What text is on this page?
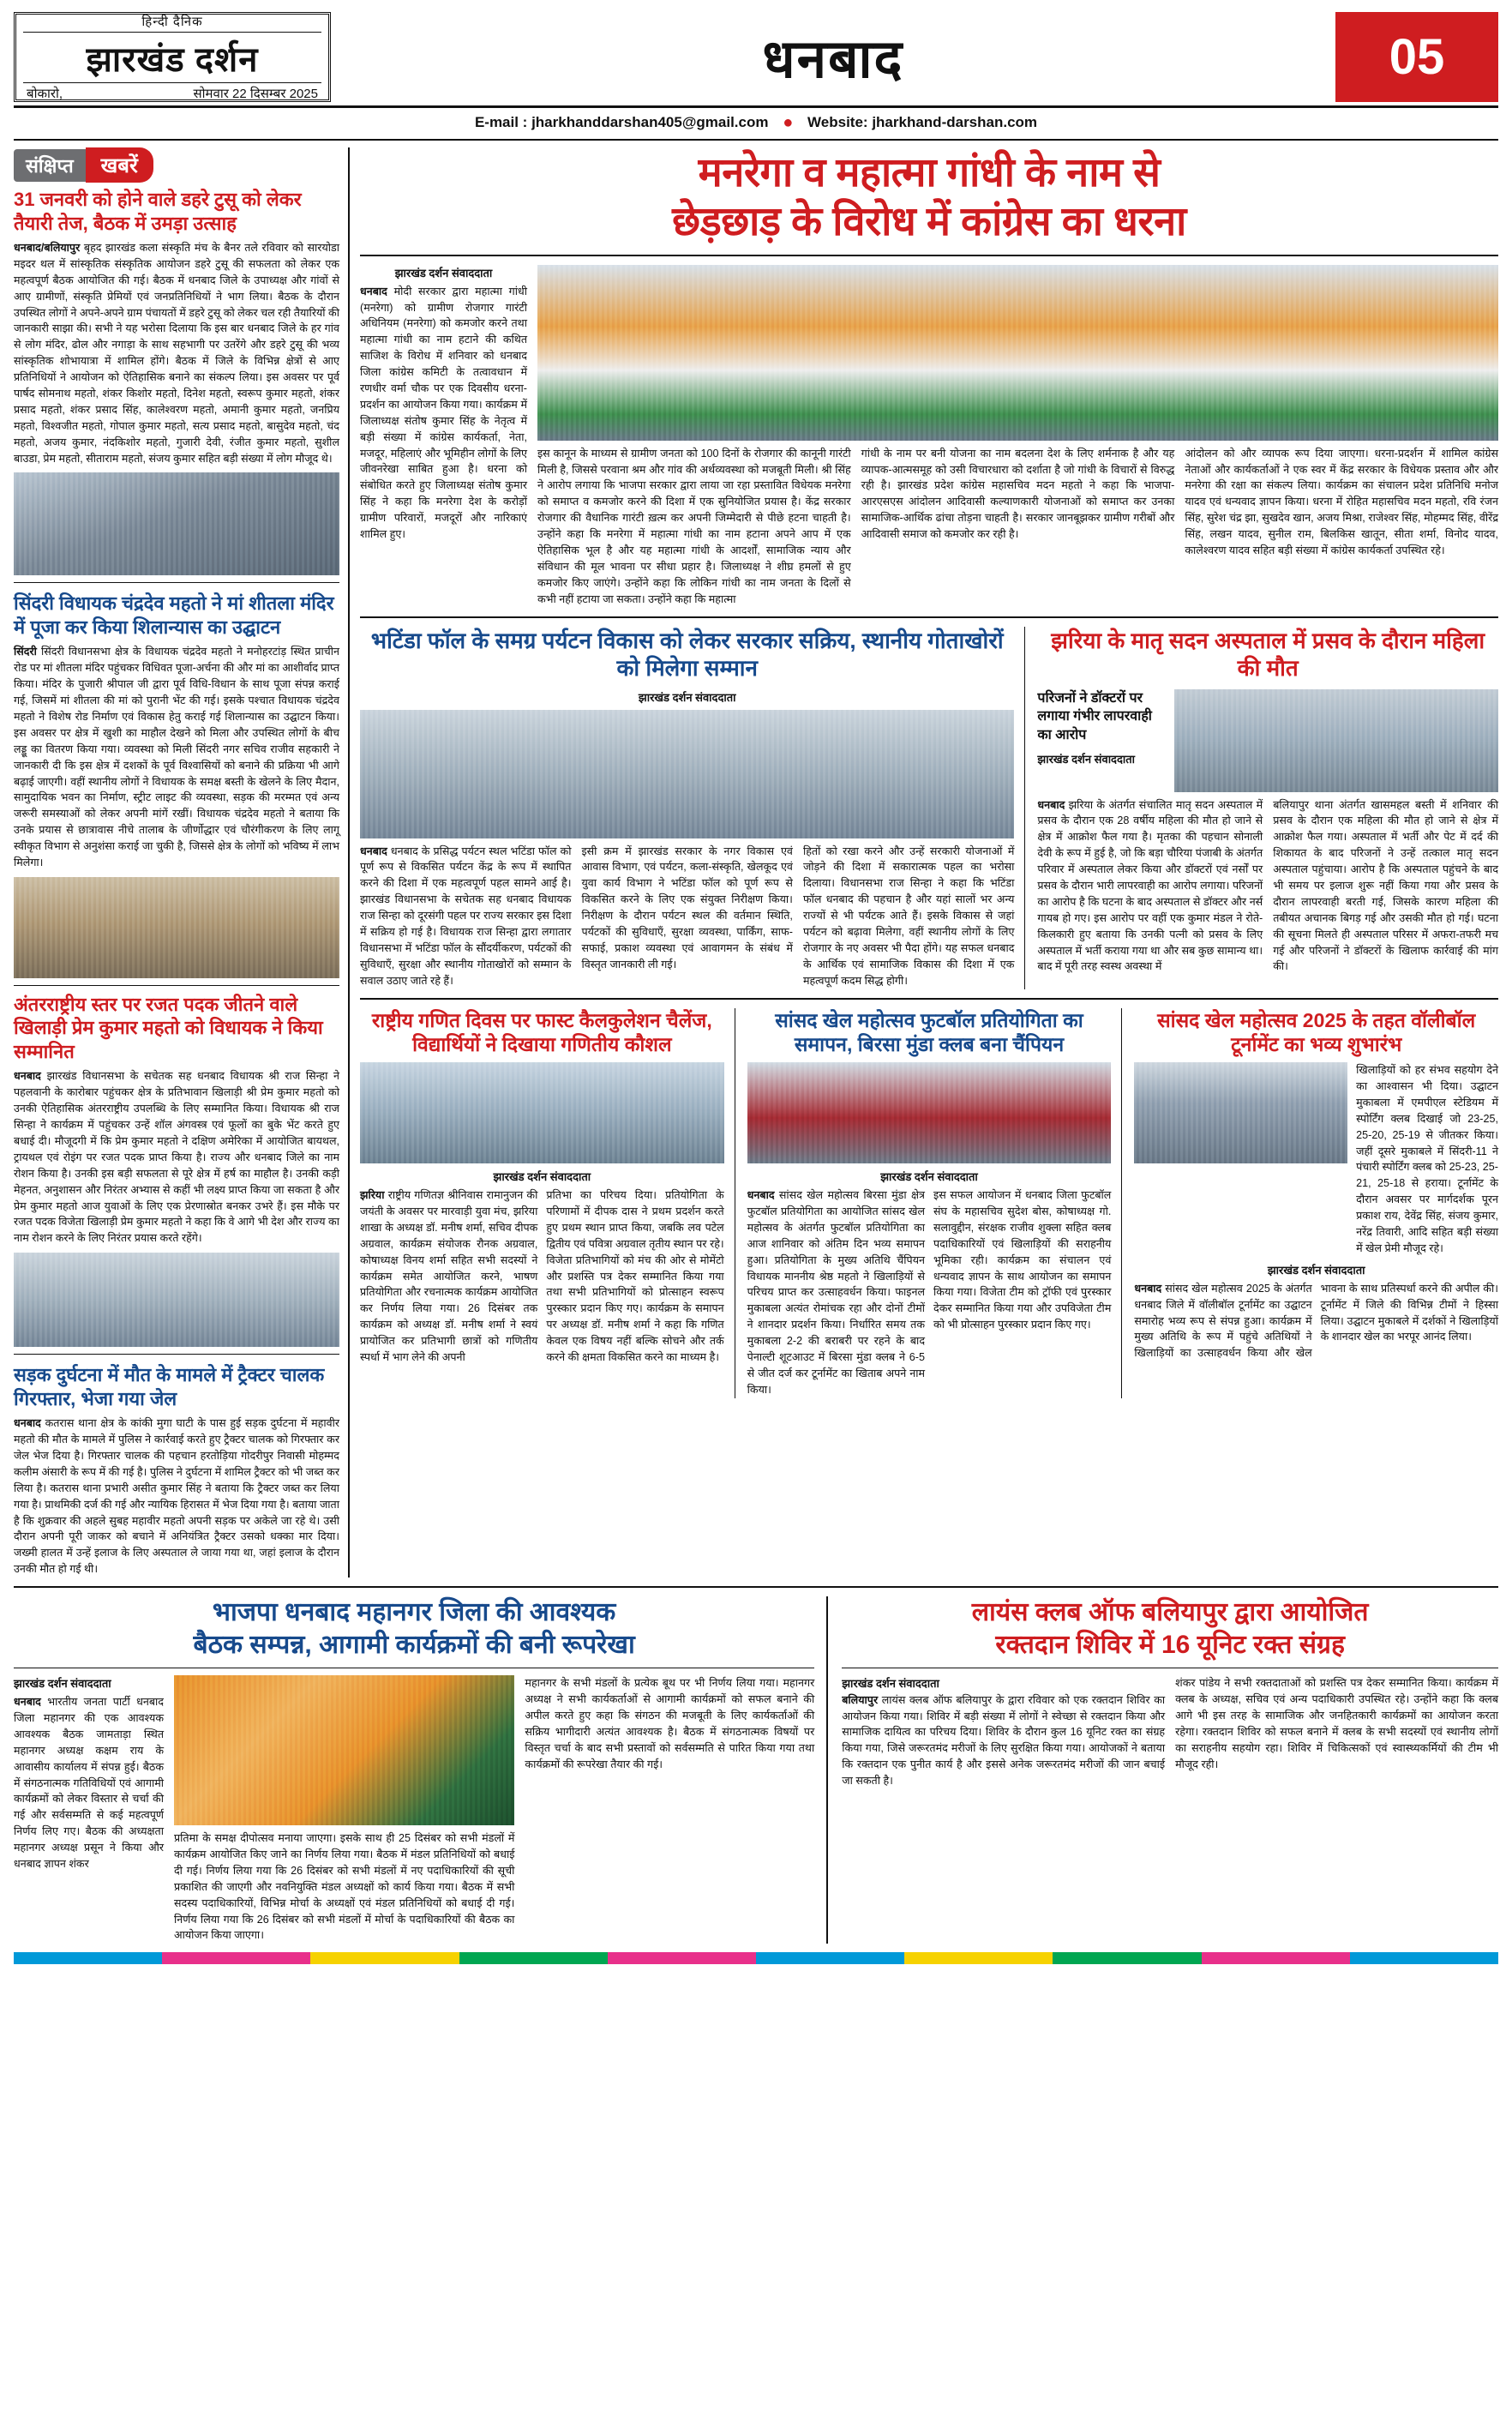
हिन्दी दैनिक
झारखंड दर्शन
बोकारो,	सोमवार 22 दिसम्बर 2025
धनबाद	05
E-mail : jharkhanddarshan405@gmail.com ● Website: jharkhand-darshan.com
संक्षिप्त	खबरें
31 जनवरी को होने वाले डहरे टुसू को लेकर तैयारी तेज, बैठक में उमड़ा उत्साह
धनबाद/बलियापुर बृहद झारखंड कला संस्कृति मंच के बैनर तले रविवार को सारयोडा मइदर थल में सांस्कृतिक संस्कृतिक आयोजन डहरे टुसू की सफलता को लेकर एक महत्वपूर्ण बैठक आयोजित की गई। बैठक में धनबाद जिले के उपाध्यक्ष और गांवों से आए ग्रामीणों, संस्कृति प्रेमियों एवं जनप्रतिनिधियों ने भाग लिया। बैठक के दौरान उपस्थित लोगों ने अपने-अपने ग्राम पंचायतों में डहरे टुसू को लेकर चल रही तैयारियों की जानकारी साझा की। सभी ने यह भरोसा दिलाया कि इस बार धनबाद जिले के हर गांव से लोग मंदिर, ढोल और नगाड़ा के साथ सहभागी पर उतरेंगे और डहरे टुसू की भव्य सांस्कृतिक शोभायात्रा में शामिल होंगे। बैठक में जिले के विभिन्न क्षेत्रों से आए प्रतिनिधियों ने आयोजन को ऐतिहासिक बनाने का संकल्प लिया। इस अवसर पर पूर्व पार्षद सोमनाथ महतो, शंकर किशोर महतो, दिनेश महतो, स्वरूप कुमार महतो, शंकर प्रसाद महतो, शंकर प्रसाद सिंह, कालेश्वरण महतो, अमानी कुमार महतो, जनप्रिय महतो, विश्वजीत महतो, गोपाल कुमार महतो, सत्य प्रसाद महतो, बासुदेव महतो, चंद महतो, अजय कुमार, नंदकिशोर महतो, गुजारी देवी, रंजीत कुमार महतो, सुशील बाउडा, प्रेम महतो, सीताराम महतो, संजय कुमार सहित बड़ी संख्या में लोग मौजूद थे।
सिंदरी विधायक चंद्रदेव महतो ने मां शीतला मंदिर में पूजा कर किया शिलान्यास का उद्घाटन
सिंदरी सिंदरी विधानसभा क्षेत्र के विधायक चंद्रदेव महतो ने मनोहरटांड़ स्थित प्राचीन रोड पर मां शीतला मंदिर पहुंचकर विधिवत पूजा-अर्चना की और मां का आशीर्वाद प्राप्त किया। मंदिर के पुजारी श्रीपाल जी द्वारा पूर्व विधि-विधान के साथ पूजा संपन्न कराई गई, जिसमें मां शीतला की मां को पुरानी भेंट की गई। इसके पश्चात विधायक चंद्रदेव महतो ने विशेष रोड निर्माण एवं विकास हेतु कराई गई शिलान्यास का उद्घाटन किया। इस अवसर पर क्षेत्र में खुशी का माहौल देखने को मिला और उपस्थित लोगों के बीच लड्डू का वितरण किया गया। व्यवस्था को मिली सिंदरी नगर सचिव राजीव सहकारी ने जानकारी दी कि इस क्षेत्र में दशकों के पूर्व विश्वासियों को बनाने की प्रक्रिया भी आगे बढ़ाई जाएगी। वहीं स्थानीय लोगों ने विधायक के समक्ष बस्ती के खेलने के लिए मैदान, सामुदायिक भवन का निर्माण, स्ट्रीट लाइट की व्यवस्था, सड़क की मरम्मत एवं अन्य जरूरी समस्याओं को लेकर अपनी मांगें रखीं। विधायक चंद्रदेव महतो ने बताया कि उनके प्रयास से छात्रावास नीचे तालाब के जीर्णोद्धार एवं चौरंगीकरण के लिए लागू स्वीकृत विभाग से अनुशंसा कराई जा चुकी है, जिससे क्षेत्र के लोगों को भविष्य में लाभ मिलेगा।
अंतरराष्ट्रीय स्तर पर रजत पदक जीतने वाले खिलाड़ी प्रेम कुमार महतो को विधायक ने किया सम्मानित
धनबाद झारखंड विधानसभा के सचेतक सह धनबाद विधायक श्री राज सिन्हा ने पहलवानी के कारोबार पहुंचकर क्षेत्र के प्रतिभावान खिलाड़ी श्री प्रेम कुमार महतो को उनकी ऐतिहासिक अंतरराष्ट्रीय उपलब्धि के लिए सम्मानित किया। विधायक श्री राज सिन्हा ने कार्यक्रम में पहुंचकर उन्हें शॉल अंगवस्त्र एवं फूलों का बुके भेंट करते हुए बधाई दी। मौजूदगी में कि प्रेम कुमार महतो ने दक्षिण अमेरिका में आयोजित बायथल, ट्रायथल एवं रोइंग पर रजत पदक प्राप्त किया है। राज्य और धनबाद जिले का नाम रोशन किया है। उनकी इस बड़ी सफलता से पूरे क्षेत्र में हर्ष का माहौल है। उनकी कड़ी मेहनत, अनुशासन और निरंतर अभ्यास से कहीं भी लक्ष्य प्राप्त किया जा सकता है और प्रेम कुमार महतो आज युवाओं के लिए एक प्रेरणास्रोत बनकर उभरे हैं। इस मौके पर रजत पदक विजेता खिलाड़ी प्रेम कुमार महतो ने कहा कि वे आगे भी देश और राज्य का नाम रोशन करने के लिए निरंतर प्रयास करते रहेंगे।
सड़क दुर्घटना में मौत के मामले में ट्रैक्टर चालक गिरफ्तार, भेजा गया जेल
धनबाद कतरास थाना क्षेत्र के कांकी मुगा घाटी के पास हुई सड़क दुर्घटना में महावीर महतो की मौत के मामले में पुलिस ने कार्रवाई करते हुए ट्रैक्टर चालक को गिरफ्तार कर जेल भेज दिया है। गिरफ्तार चालक की पहचान हरतोड़िया गोदरीपुर निवासी मोहम्मद कलीम अंसारी के रूप में की गई है। पुलिस ने दुर्घटना में शामिल ट्रैक्टर को भी जब्त कर लिया है। कतरास थाना प्रभारी असीत कुमार सिंह ने बताया कि ट्रैक्टर जब्त कर लिया गया है। प्राथमिकी दर्ज की गई और न्यायिक हिरासत में भेज दिया गया है। बताया जाता है कि शुक्रवार की अहले सुबह महावीर महतो अपनी सड़क पर अकेले जा रहे थे। उसी दौरान अपनी पूरी जाकर को बचाने में अनियंत्रित ट्रैक्टर उसको धक्का मार दिया। जख्मी हालत में उन्हें इलाज के लिए अस्पताल ले जाया गया था, जहां इलाज के दौरान उनकी मौत हो गई थी।
मनरेगा व महात्मा गांधी के नाम से
छेड़छाड़ के विरोध में कांग्रेस का धरना
झारखंड दर्शन संवाददाता
धनबाद मोदी सरकार द्वारा महात्मा गांधी (मनरेगा) को ग्रामीण रोजगार गारंटी अधिनियम (मनरेगा) को कमजोर करने तथा महात्मा गांधी का नाम हटाने की कथित साजिश के विरोध में शनिवार को धनबाद जिला कांग्रेस कमिटी के तत्वावधान में रणधीर वर्मा चौक पर एक दिवसीय धरना-प्रदर्शन का आयोजन किया गया। कार्यक्रम में जिलाध्यक्ष संतोष कुमार सिंह के नेतृत्व में बड़ी संख्या में कांग्रेस कार्यकर्ता, नेता, मजदूर, महिलाएं और भूमिहीन लोगों के लिए जीवनरेखा साबित हुआ है। धरना को संबोधित करते हुए जिलाध्यक्ष संतोष कुमार सिंह ने कहा कि मनरेगा देश के करोड़ों ग्रामीण परिवारों, मजदूरों और नारिकाएं शामिल हुए।
इस कानून के माध्यम से ग्रामीण जनता को 100 दिनों के रोजगार की कानूनी गारंटी मिली है, जिससे परवाना श्रम और गांव की अर्थव्यवस्था को मजबूती मिली। श्री सिंह ने आरोप लगाया कि भाजपा सरकार द्वारा लाया जा रहा प्रस्तावित विधेयक मनरेगा को समाप्त व कमजोर करने की दिशा में एक सुनियोजित प्रयास है। केंद्र सरकार रोजगार की वैधानिक गारंटी ख़त्म कर अपनी जिम्मेदारी से पीछे हटना चाहती है। उन्होंने कहा कि मनरेगा में महात्मा गांधी का नाम हटाना अपने आप में एक ऐतिहासिक भूल है और यह महात्मा गांधी के आदर्शों, सामाजिक न्याय और संविधान की मूल भावना पर सीधा प्रहार है। जिलाध्यक्ष ने शीघ्र हमलों से हुए कमजोर किए जाएंगे। उन्होंने कहा कि लोकिन गांधी का नाम जनता के दिलों से कभी नहीं हटाया जा सकता। उन्होंने कहा कि महात्मा
गांधी के नाम पर बनी योजना का नाम बदलना देश के लिए शर्मनाक है और यह व्यापक-आत्मसमूह को उसी विचारधारा को दर्शाता है जो गांधी के विचारों से विरुद्ध रही है। झारखंड प्रदेश कांग्रेस महासचिव मदन महतो ने कहा कि भाजपा-आरएसएस आंदोलन आदिवासी कल्याणकारी योजनाओं को समाप्त कर उनका सामाजिक-आर्थिक ढांचा तोड़ना चाहती है। सरकार जानबूझकर ग्रामीण गरीबों और आदिवासी समाज को कमजोर कर रही है।
आंदोलन को और व्यापक रूप दिया जाएगा। धरना-प्रदर्शन में शामिल कांग्रेस नेताओं और कार्यकर्ताओं ने एक स्वर में केंद्र सरकार के विधेयक प्रस्ताव और और मनरेगा की रक्षा का संकल्प लिया। कार्यक्रम का संचालन प्रदेश प्रतिनिधि मनोज यादव एवं धन्यवाद ज्ञापन किया। धरना में रोहित महासचिव मदन महतो, रवि रंजन सिंह, सुरेश चंद्र झा, सुखदेव खान, अजय मिश्रा, राजेश्वर सिंह, मोहम्मद सिंह, वीरेंद्र सिंह, लखन यादव, सुनील राम, बिलकिस खातून, सीता शर्मा, विनोद यादव, कालेश्वरण यादव सहित बड़ी संख्या में कांग्रेस कार्यकर्ता उपस्थित रहे।
भटिंडा फॉल के समग्र पर्यटन विकास को लेकर सरकार सक्रिय, स्थानीय गोताखोरों को मिलेगा सम्मान
झारखंड दर्शन संवाददाता
धनबाद धनबाद के प्रसिद्ध पर्यटन स्थल भटिंडा फॉल को पूर्ण रूप से विकसित पर्यटन केंद्र के रूप में स्थापित करने की दिशा में एक महत्वपूर्ण पहल सामने आई है। झारखंड विधानसभा के सचेतक सह धनबाद विधायक राज सिन्हा को दूरसंगी पहल पर राज्य सरकार इस दिशा में सक्रिय हो गई है। विधायक राज सिन्हा द्वारा लगातार विधानसभा में भटिंडा फॉल के सौंदर्यीकरण, पर्यटकों की सुविधाएँ, सुरक्षा और स्थानीय गोताखोरों को सम्मान के सवाल उठाए जाते रहे हैं।
इसी क्रम में झारखंड सरकार के नगर विकास एवं आवास विभाग, एवं पर्यटन, कला-संस्कृति, खेलकूद एवं युवा कार्य विभाग ने भटिंडा फॉल को पूर्ण रूप से विकसित करने के लिए एक संयुक्त निरीक्षण किया। निरीक्षण के दौरान पर्यटन स्थल की वर्तमान स्थिति, पर्यटकों की सुविधाएँ, सुरक्षा व्यवस्था, पार्किंग, साफ-सफाई, प्रकाश व्यवस्था एवं आवागमन के संबंध में विस्तृत जानकारी ली गई।
हितों को रखा करने और उन्हें सरकारी योजनाओं में जोड़ने की दिशा में सकारात्मक पहल का भरोसा दिलाया। विधानसभा राज सिन्हा ने कहा कि भटिंडा फॉल धनबाद की पहचान है और यहां सालों भर अन्य राज्यों से भी पर्यटक आते हैं। इसके विकास से जहां पर्यटन को बढ़ावा मिलेगा, वहीं स्थानीय लोगों के लिए रोजगार के नए अवसर भी पैदा होंगे। यह सफल धनबाद के आर्थिक एवं सामाजिक विकास की दिशा में एक महत्वपूर्ण कदम सिद्ध होगी।
झरिया के मातृ सदन अस्पताल में प्रसव के दौरान महिला की मौत
परिजनों ने डॉक्टरों पर लगाया गंभीर लापरवाही का आरोप
झारखंड दर्शन संवाददाता
धनबाद झरिया के अंतर्गत संचालित मातृ सदन अस्पताल में प्रसव के दौरान एक 28 वर्षीय महिला की मौत हो जाने से क्षेत्र में आक्रोश फैल गया है। मृतका की पहचान सोनाली देवी के रूप में हुई है, जो कि बड़ा चौरिया पंजाबी के अंतर्गत परिवार में अस्पताल लेकर किया और डॉक्टरों एवं नर्सों पर प्रसव के दौरान भारी लापरवाही का आरोप लगाया। परिजनों का आरोप है कि घटना के बाद अस्पताल से डॉक्टर और नर्स गायब हो गए। इस आरोप पर वहीं एक कुमार मंडल ने रोते-किलकारी हुए बताया कि उनकी पत्नी को प्रसव के लिए अस्पताल में भर्ती कराया गया था और सब कुछ सामान्य था। बाद में पूरी तरह स्वस्थ अवस्था में
बलियापुर थाना अंतर्गत खासमहल बस्ती में शनिवार की प्रसव के दौरान एक महिला की मौत हो जाने से क्षेत्र में आक्रोश फैल गया। अस्पताल में भर्ती और पेट में दर्द की शिकायत के बाद परिजनों ने उन्हें तत्काल मातृ सदन अस्पताल पहुंचाया। आरोप है कि अस्पताल पहुंचने के बाद भी समय पर इलाज शुरू नहीं किया गया और प्रसव के दौरान लापरवाही बरती गई, जिसके कारण महिला की तबीयत अचानक बिगड़ गई और उसकी मौत हो गई। घटना की सूचना मिलते ही अस्पताल परिसर में अफरा-तफरी मच गई और परिजनों ने डॉक्टरों के खिलाफ कार्रवाई की मांग की।
राष्ट्रीय गणित दिवस पर फास्ट कैलकुलेशन चैलेंज, विद्यार्थियों ने दिखाया गणितीय कौशल
झारखंड दर्शन संवाददाता
झरिया राष्ट्रीय गणितज्ञ श्रीनिवास रामानुजन की जयंती के अवसर पर मारवाड़ी युवा मंच, झरिया शाखा के अध्यक्ष डॉ. मनीष शर्मा, सचिव दीपक अग्रवाल, कार्यक्रम संयोजक रौनक अग्रवाल, कोषाध्यक्ष विनय शर्मा सहित सभी सदस्यों ने कार्यक्रम समेत आयोजित करने, भाषण प्रतियोगिता और रचनात्मक कार्यक्रम आयोजित कर निर्णय लिया गया। 26 दिसंबर तक कार्यक्रम को अध्यक्ष डॉ. मनीष शर्मा ने स्वयं प्रायोजित कर प्रतिभागी छात्रों को गणितीय स्पर्धा में भाग लेने की अपनी
प्रतिभा का परिचय दिया। प्रतियोगिता के परिणामों में दीपक दास ने प्रथम प्रदर्शन करते हुए प्रथम स्थान प्राप्त किया, जबकि लव पटेल द्वितीय एवं पवित्रा अग्रवाल तृतीय स्थान पर रहे। विजेता प्रतिभागियों को मंच की ओर से मोमेंटो और प्रशस्ति पत्र देकर सम्मानित किया गया तथा सभी प्रतिभागियों को प्रोत्साहन स्वरूप पुरस्कार प्रदान किए गए। कार्यक्रम के समापन पर अध्यक्ष डॉ. मनीष शर्मा ने कहा कि गणित केवल एक विषय नहीं बल्कि सोचने और तर्क करने की क्षमता विकसित करने का माध्यम है।
सांसद खेल महोत्सव फुटबॉल प्रतियोगिता का समापन, बिरसा मुंडा क्लब बना चैंपियन
झारखंड दर्शन संवाददाता
धनबाद सांसद खेल महोत्सव बिरसा मुंडा क्षेत्र फुटबॉल प्रतियोगिता का आयोजित सांसद खेल महोत्सव के अंतर्गत फुटबॉल प्रतियोगिता का आज शानिवार को अंतिम दिन भव्य समापन हुआ। प्रतियोगिता के मुख्य अतिथि चैंपियन विधायक माननीय श्रेष्ठ महतो ने खिलाड़ियों से परिचय प्राप्त कर उत्साहवर्धन किया। फाइनल मुकाबला अत्यंत रोमांचक रहा और दोनों टीमों ने शानदार प्रदर्शन किया। निर्धारित समय तक मुकाबला 2-2 की बराबरी पर रहने के बाद पेनाल्टी शूटआउट में बिरसा मुंडा क्लब ने 6-5 से जीत दर्ज कर टूर्नामेंट का खिताब अपने नाम किया।
इस सफल आयोजन में धनबाद जिला फुटबॉल संघ के महासचिव सुदेश बोस, कोषाध्यक्ष गो. सलावुद्दीन, संरक्षक राजीव शुक्ला सहित क्लब पदाधिकारियों एवं खिलाड़ियों की सराहनीय भूमिका रही। कार्यक्रम का संचालन एवं धन्यवाद ज्ञापन के साथ आयोजन का समापन किया गया। विजेता टीम को ट्रॉफी एवं पुरस्कार देकर सम्मानित किया गया और उपविजेता टीम को भी प्रोत्साहन पुरस्कार प्रदान किए गए।
सांसद खेल महोत्सव 2025 के तहत वॉलीबॉल टूर्नामेंट का भव्य शुभारंभ
खिलाड़ियों को हर संभव सहयोग देने का आश्वासन भी दिया। उद्घाटन मुकाबला में एमपीएल स्टेडियम में स्पोर्टिंग क्लब दिखाई जो 23-25, 25-20, 25-19 से जीतकर किया। जहीं दूसरे मुकाबले में सिंदरी-11 ने पंचारी स्पोर्टिंग क्लब को 25-23, 25-21, 25-18 से हराया। टूर्नामेंट के दौरान अवसर पर मार्गदर्शक पूरन प्रकाश राय, देवेंद्र सिंह, संजय कुमार, नरेंद्र तिवारी, आदि सहित बड़ी संख्या में खेल प्रेमी मौजूद रहे।
झारखंड दर्शन संवाददाता
धनबाद सांसद खेल महोत्सव 2025 के अंतर्गत धनबाद जिले में वॉलीबॉल टूर्नामेंट का उद्घाटन समारोह भव्य रूप से संपन्न हुआ। कार्यक्रम में मुख्य अतिथि के रूप में पहुंचे अतिथियों ने खिलाड़ियों का उत्साहवर्धन किया और खेल भावना के साथ प्रतिस्पर्धा करने की अपील की। टूर्नामेंट में जिले की विभिन्न टीमों ने हिस्सा लिया। उद्घाटन मुकाबले में दर्शकों ने खिलाड़ियों के शानदार खेल का भरपूर आनंद लिया।
भाजपा धनबाद महानगर जिला की आवश्यक
बैठक सम्पन्न, आगामी कार्यक्रमों की बनी रूपरेखा
झारखंड दर्शन संवाददाता
धनबाद भारतीय जनता पार्टी धनबाद जिला महानगर की एक आवश्यक आवश्यक बैठक जामताड़ा स्थित महानगर अध्यक्ष कक्षम राय के आवासीय कार्यालय में संपन्न हुई। बैठक में संगठनात्मक गतिविधियों एवं आगामी कार्यक्रमों को लेकर विस्तार से चर्चा की गई और सर्वसम्मति से कई महत्वपूर्ण निर्णय लिए गए। बैठक की अध्यक्षता महानगर अध्यक्ष प्रसून ने किया और धनबाद ज्ञापन शंकर
प्रतिमा के समक्ष दीपोत्सव मनाया जाएगा। इसके साथ ही 25 दिसंबर को सभी मंडलों में कार्यक्रम आयोजित किए जाने का निर्णय लिया गया। बैठक में मंडल प्रतिनिधियों को बधाई दी गई। निर्णय लिया गया कि 26 दिसंबर को सभी मंडलों में नए पदाधिकारियों की सूची प्रकाशित की जाएगी और नवनियुक्ति मंडल अध्यक्षों को कार्य किया गया। बैठक में सभी सदस्य पदाधिकारियों, विभिन्न मोर्चा के अध्यक्षों एवं मंडल प्रतिनिधियों को बधाई दी गई। निर्णय लिया गया कि 26 दिसंबर को सभी मंडलों में मोर्चा के पदाधिकारियों की बैठक का आयोजन किया जाएगा।
महानगर के सभी मंडलों के प्रत्येक बूथ पर भी निर्णय लिया गया। महानगर अध्यक्ष ने सभी कार्यकर्ताओं से आगामी कार्यक्रमों को सफल बनाने की अपील करते हुए कहा कि संगठन की मजबूती के लिए कार्यकर्ताओं की सक्रिय भागीदारी अत्यंत आवश्यक है। बैठक में संगठनात्मक विषयों पर विस्तृत चर्चा के बाद सभी प्रस्तावों को सर्वसम्मति से पारित किया गया तथा कार्यक्रमों की रूपरेखा तैयार की गई।
लायंस क्लब ऑफ बलियापुर द्वारा आयोजित
रक्तदान शिविर में 16 यूनिट रक्त संग्रह
झारखंड दर्शन संवाददाता
बलियापुर लायंस क्लब ऑफ बलियापुर के द्वारा रविवार को एक रक्तदान शिविर का आयोजन किया गया। शिविर में बड़ी संख्या में लोगों ने स्वेच्छा से रक्तदान किया और सामाजिक दायित्व का परिचय दिया। शिविर के दौरान कुल 16 यूनिट रक्त का संग्रह किया गया, जिसे जरूरतमंद मरीजों के लिए सुरक्षित किया गया। आयोजकों ने बताया कि रक्तदान एक पुनीत कार्य है और इससे अनेक जरूरतमंद मरीजों की जान बचाई जा सकती है।
शंकर पांडेय ने सभी रक्तदाताओं को प्रशस्ति पत्र देकर सम्मानित किया। कार्यक्रम में क्लब के अध्यक्ष, सचिव एवं अन्य पदाधिकारी उपस्थित रहे। उन्होंने कहा कि क्लब आगे भी इस तरह के सामाजिक और जनहितकारी कार्यक्रमों का आयोजन करता रहेगा। रक्तदान शिविर को सफल बनाने में क्लब के सभी सदस्यों एवं स्थानीय लोगों का सराहनीय सहयोग रहा। शिविर में चिकित्सकों एवं स्वास्थ्यकर्मियों की टीम भी मौजूद रही।
